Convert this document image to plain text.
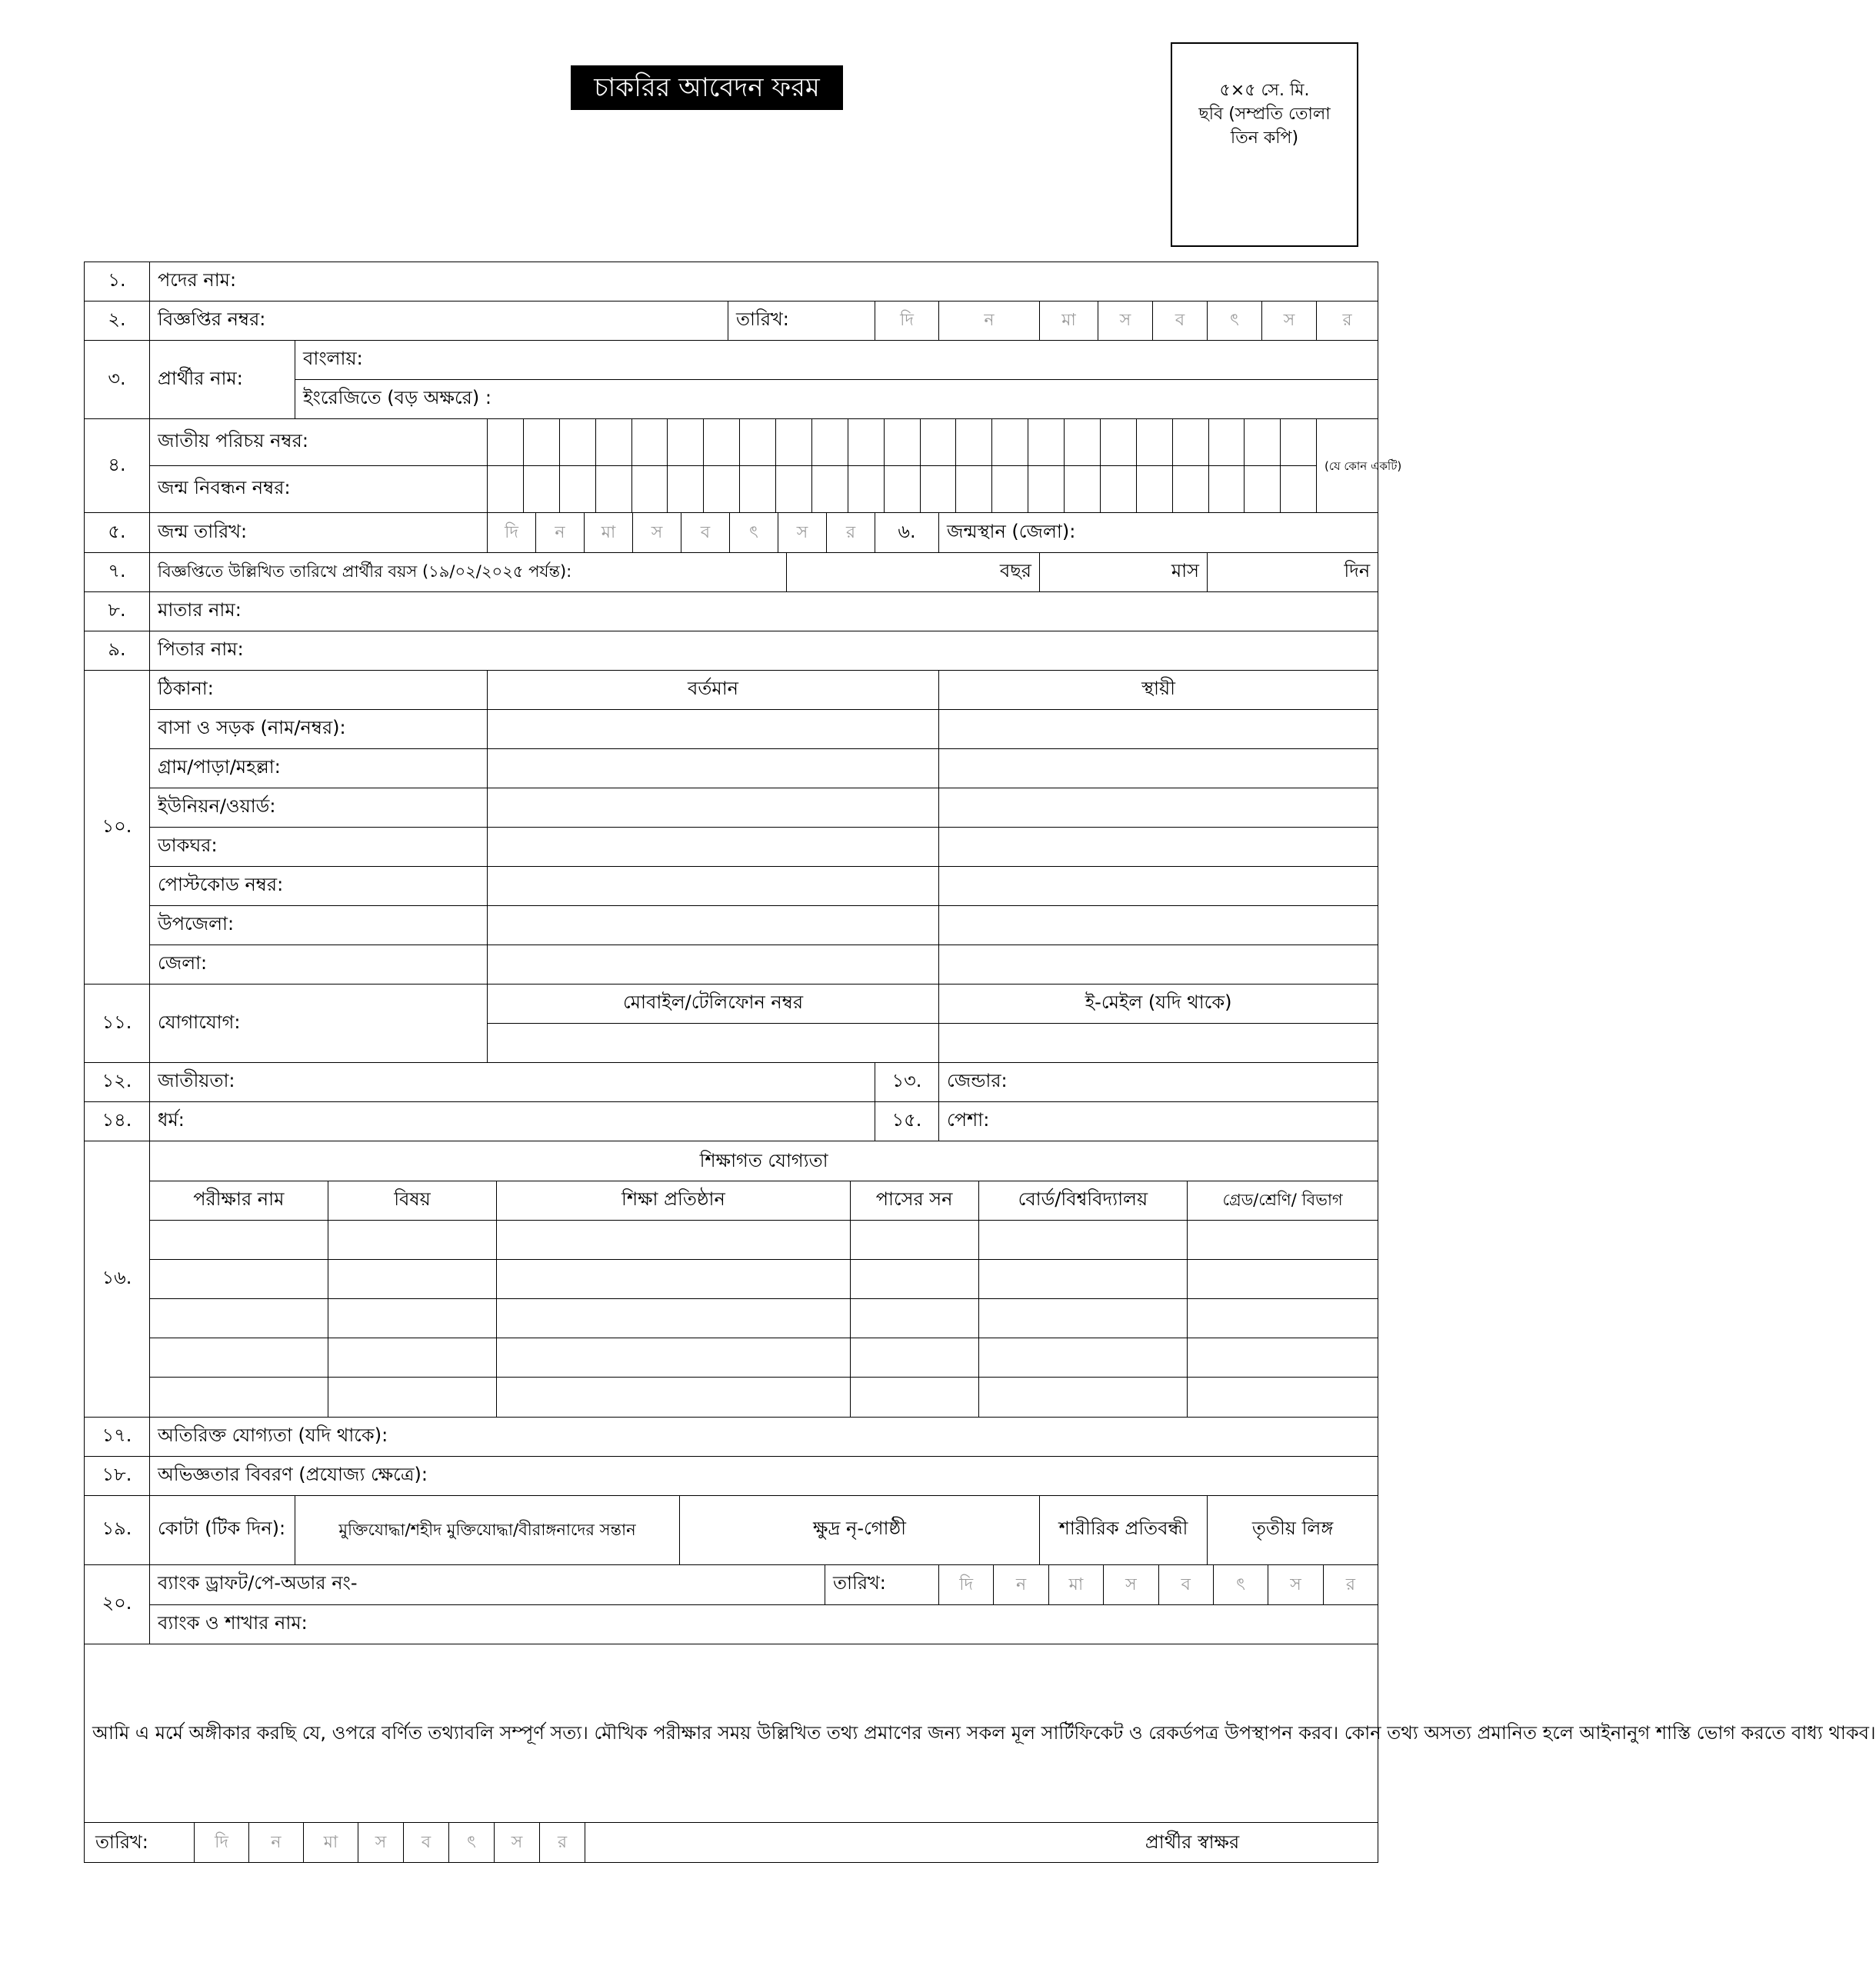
চাকরির আবেদন ফরম	৫×৫ সে. মি.
ছবি (সম্প্রতি তোলা
তিন কপি)
১.	পদের নাম:
২.	বিজ্ঞপ্তির নম্বর:	তারিখ:	দি	ন	মা	স	ব	ৎ	স	র
৩.	প্রার্থীর নাম:	বাংলায়:
ইংরেজিতে (বড় অক্ষরে) :
৪.	জাতীয় পরিচয় নম্বর:	
	(যে কোন একটি)
জন্ম নিবন্ধন নম্বর:	

৫.	জন্ম তারিখ:	দি	ন	মা	স	ব	ৎ	স	র	৬.	জন্মস্থান (জেলা):
৭.	বিজ্ঞপ্তিতে উল্লিখিত তারিখে প্রার্থীর বয়স (১৯/০২/২০২৫ পর্যন্ত):	বছর	মাস	দিন
৮.	মাতার নাম:
৯.	পিতার নাম:
১০.	ঠিকানা:	বর্তমান	স্থায়ী
বাসা ও সড়ক (নাম/নম্বর):		
গ্রাম/পাড়া/মহল্লা:		
ইউনিয়ন/ওয়ার্ড:		
ডাকঘর:		
পোস্টকোড নম্বর:		
উপজেলা:		
জেলা:		
১১.	যোগাযোগ:	মোবাইল/টেলিফোন নম্বর	ই-মেইল (যদি থাকে)

১২.	জাতীয়তা:	১৩.	জেন্ডার:
১৪.	ধর্ম:	১৫.	পেশা:
১৬.	
শিক্ষাগত যোগ্যতা
পরীক্ষার নাম	বিষয়	শিক্ষা প্রতিষ্ঠান	পাসের সন	বোর্ড/বিশ্ববিদ্যালয়	গ্রেড/শ্রেণি/ বিভাগ

১৭.	অতিরিক্ত যোগ্যতা (যদি থাকে):
১৮.	অভিজ্ঞতার বিবরণ (প্রযোজ্য ক্ষেত্রে):
১৯.	কোটা (টিক দিন):	মুক্তিযোদ্ধা/শহীদ মুক্তিযোদ্ধা/বীরাঙ্গনাদের সন্তান	ক্ষুদ্র নৃ-গোষ্ঠী	শারীরিক প্রতিবন্ধী	তৃতীয় লিঙ্গ
২০.	ব্যাংক ড্রাফট/পে-অডার নং-	তারিখ:	দি	ন	মা	স	ব	ৎ	স	র

ব্যাংক ও শাখার নাম:
আমি এ মর্মে অঙ্গীকার করছি যে, ওপরে বর্ণিত তথ্যাবলি সম্পূর্ণ সত্য। মৌখিক পরীক্ষার সময় উল্লিখিত তথ্য প্রমাণের জন্য সকল মূল সার্টিফিকেট ও রেকর্ডপত্র উপস্থাপন করব। কোন তথ্য অসত্য প্রমানিত হলে আইনানুগ শাস্তি ভোগ করতে বাধ্য থাকব।

তারিখ:	দি	ন	মা	স	ব	ৎ	স	র	প্রার্থীর স্বাক্ষর
